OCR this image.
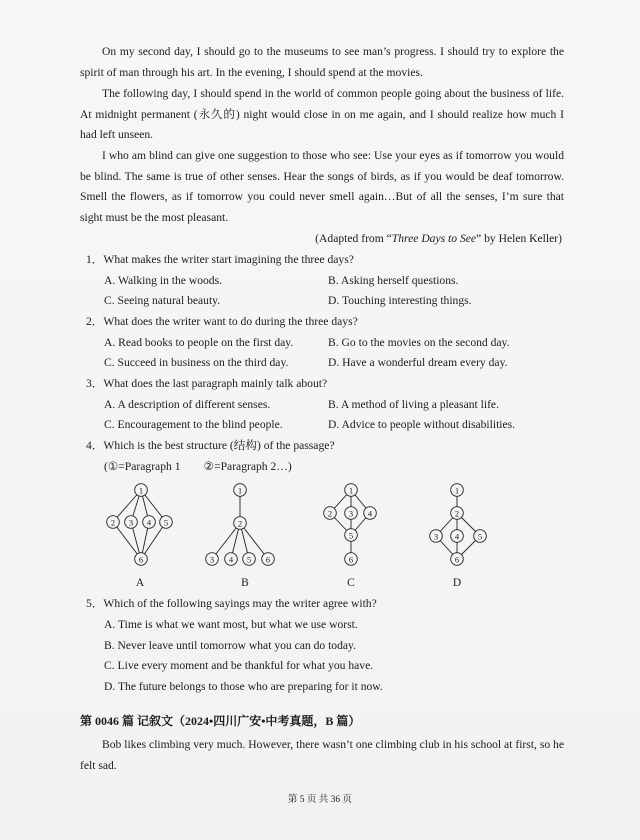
On my second day, I should go to the museums to see man’s progress. I should try to explore the spirit of man through his art. In the evening, I should spend at the movies.

The following day, I should spend in the world of common people going about the business of life. At midnight permanent (永久的) night would close in on me again, and I should realize how much I had left unseen.

I who am blind can give one suggestion to those who see: Use your eyes as if tomorrow you would be blind. The same is true of other senses. Hear the songs of birds, as if you would be deaf tomorrow. Smell the flowers, as if tomorrow you could never smell again…But of all the senses, I’m sure that sight must be the most pleasant.

(Adapted from “Three Days to See” by Helen Keller)
1．What makes the writer start imagining the three days?
A. Walking in the woods.	B. Asking herself questions.
C. Seeing natural beauty.	D. Touching interesting things.
2．What does the writer want to do during the three days?
A. Read books to people on the first day.	B. Go to the movies on the second day.
C. Succeed in business on the third day.	D. Have a wonderful dream every day.
3．What does the last paragraph mainly talk about?
A. A description of different senses.	B. A method of living a pleasant life.
C. Encouragement to the blind people.	D. Advice to people without disabilities.
4．Which is the best structure (结构) of the passage?
(①=Paragraph 1　　②=Paragraph 2…)
1
2 3 4 5
6
1
2
3 4 5 6
1
2 3 4
5
6
1
2
3 4 5
6
A	B	C	D
5．Which of the following sayings may the writer agree with?
A. Time is what we want most, but what we use worst.
B. Never leave until tomorrow what you can do today.
C. Live every moment and be thankful for what you have.
D. The future belongs to those who are preparing for it now.
第 0046 篇 记叙文（2024•四川广安•中考真题，B 篇）

Bob likes climbing very much. However, there wasn’t one climbing club in his school at first, so he felt sad.

第 5 页 共 36 页
